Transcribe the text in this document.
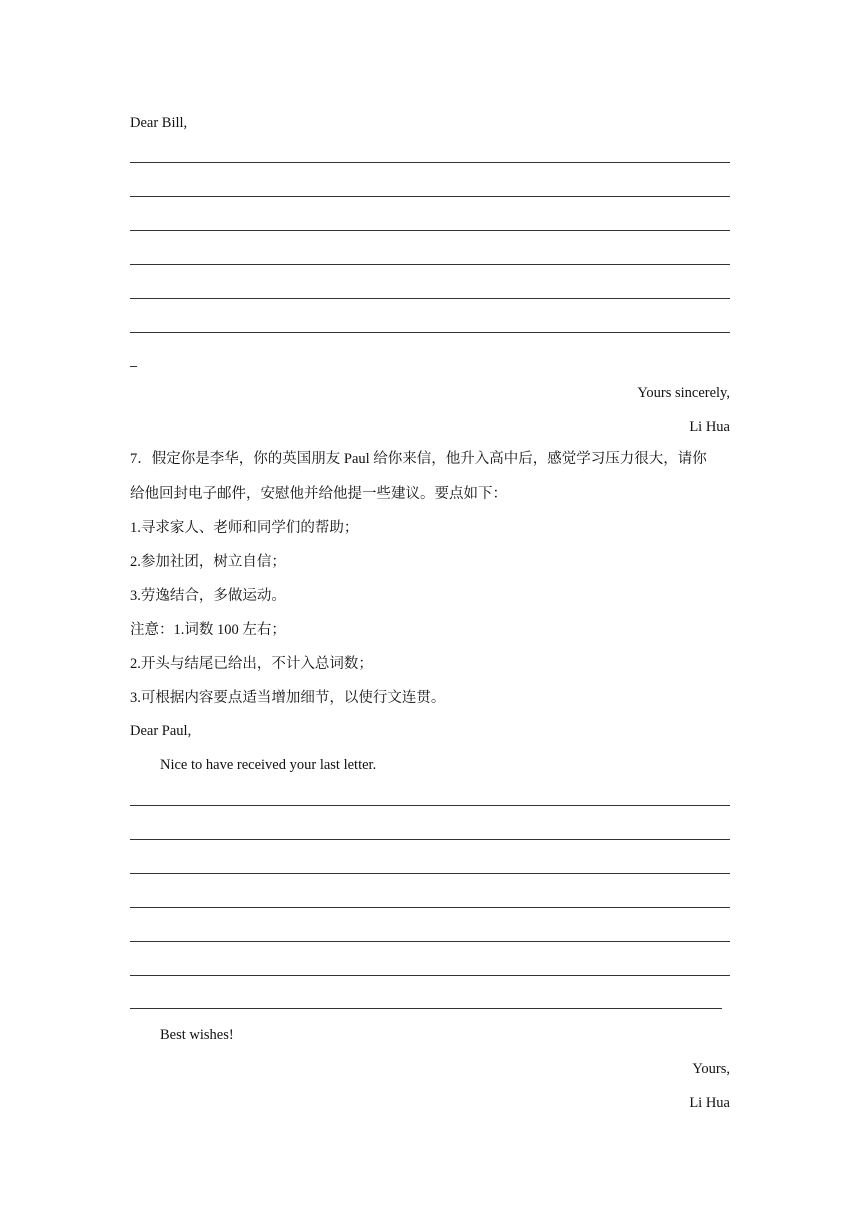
Dear Bill,
Yours sincerely,
Li Hua
7．假定你是李华，你的英国朋友 Paul 给你来信，他升入高中后，感觉学习压力很大，请你
给他回封电子邮件，安慰他并给他提一些建议。要点如下：
1.寻求家人、老师和同学们的帮助；
2.参加社团，树立自信；
3.劳逸结合，多做运动。
注意：1.词数 100 左右；
2.开头与结尾已给出，不计入总词数；
3.可根据内容要点适当增加细节，以使行文连贯。
Dear Paul,
Nice to have received your last letter.
Best wishes!
Yours,
Li Hua
